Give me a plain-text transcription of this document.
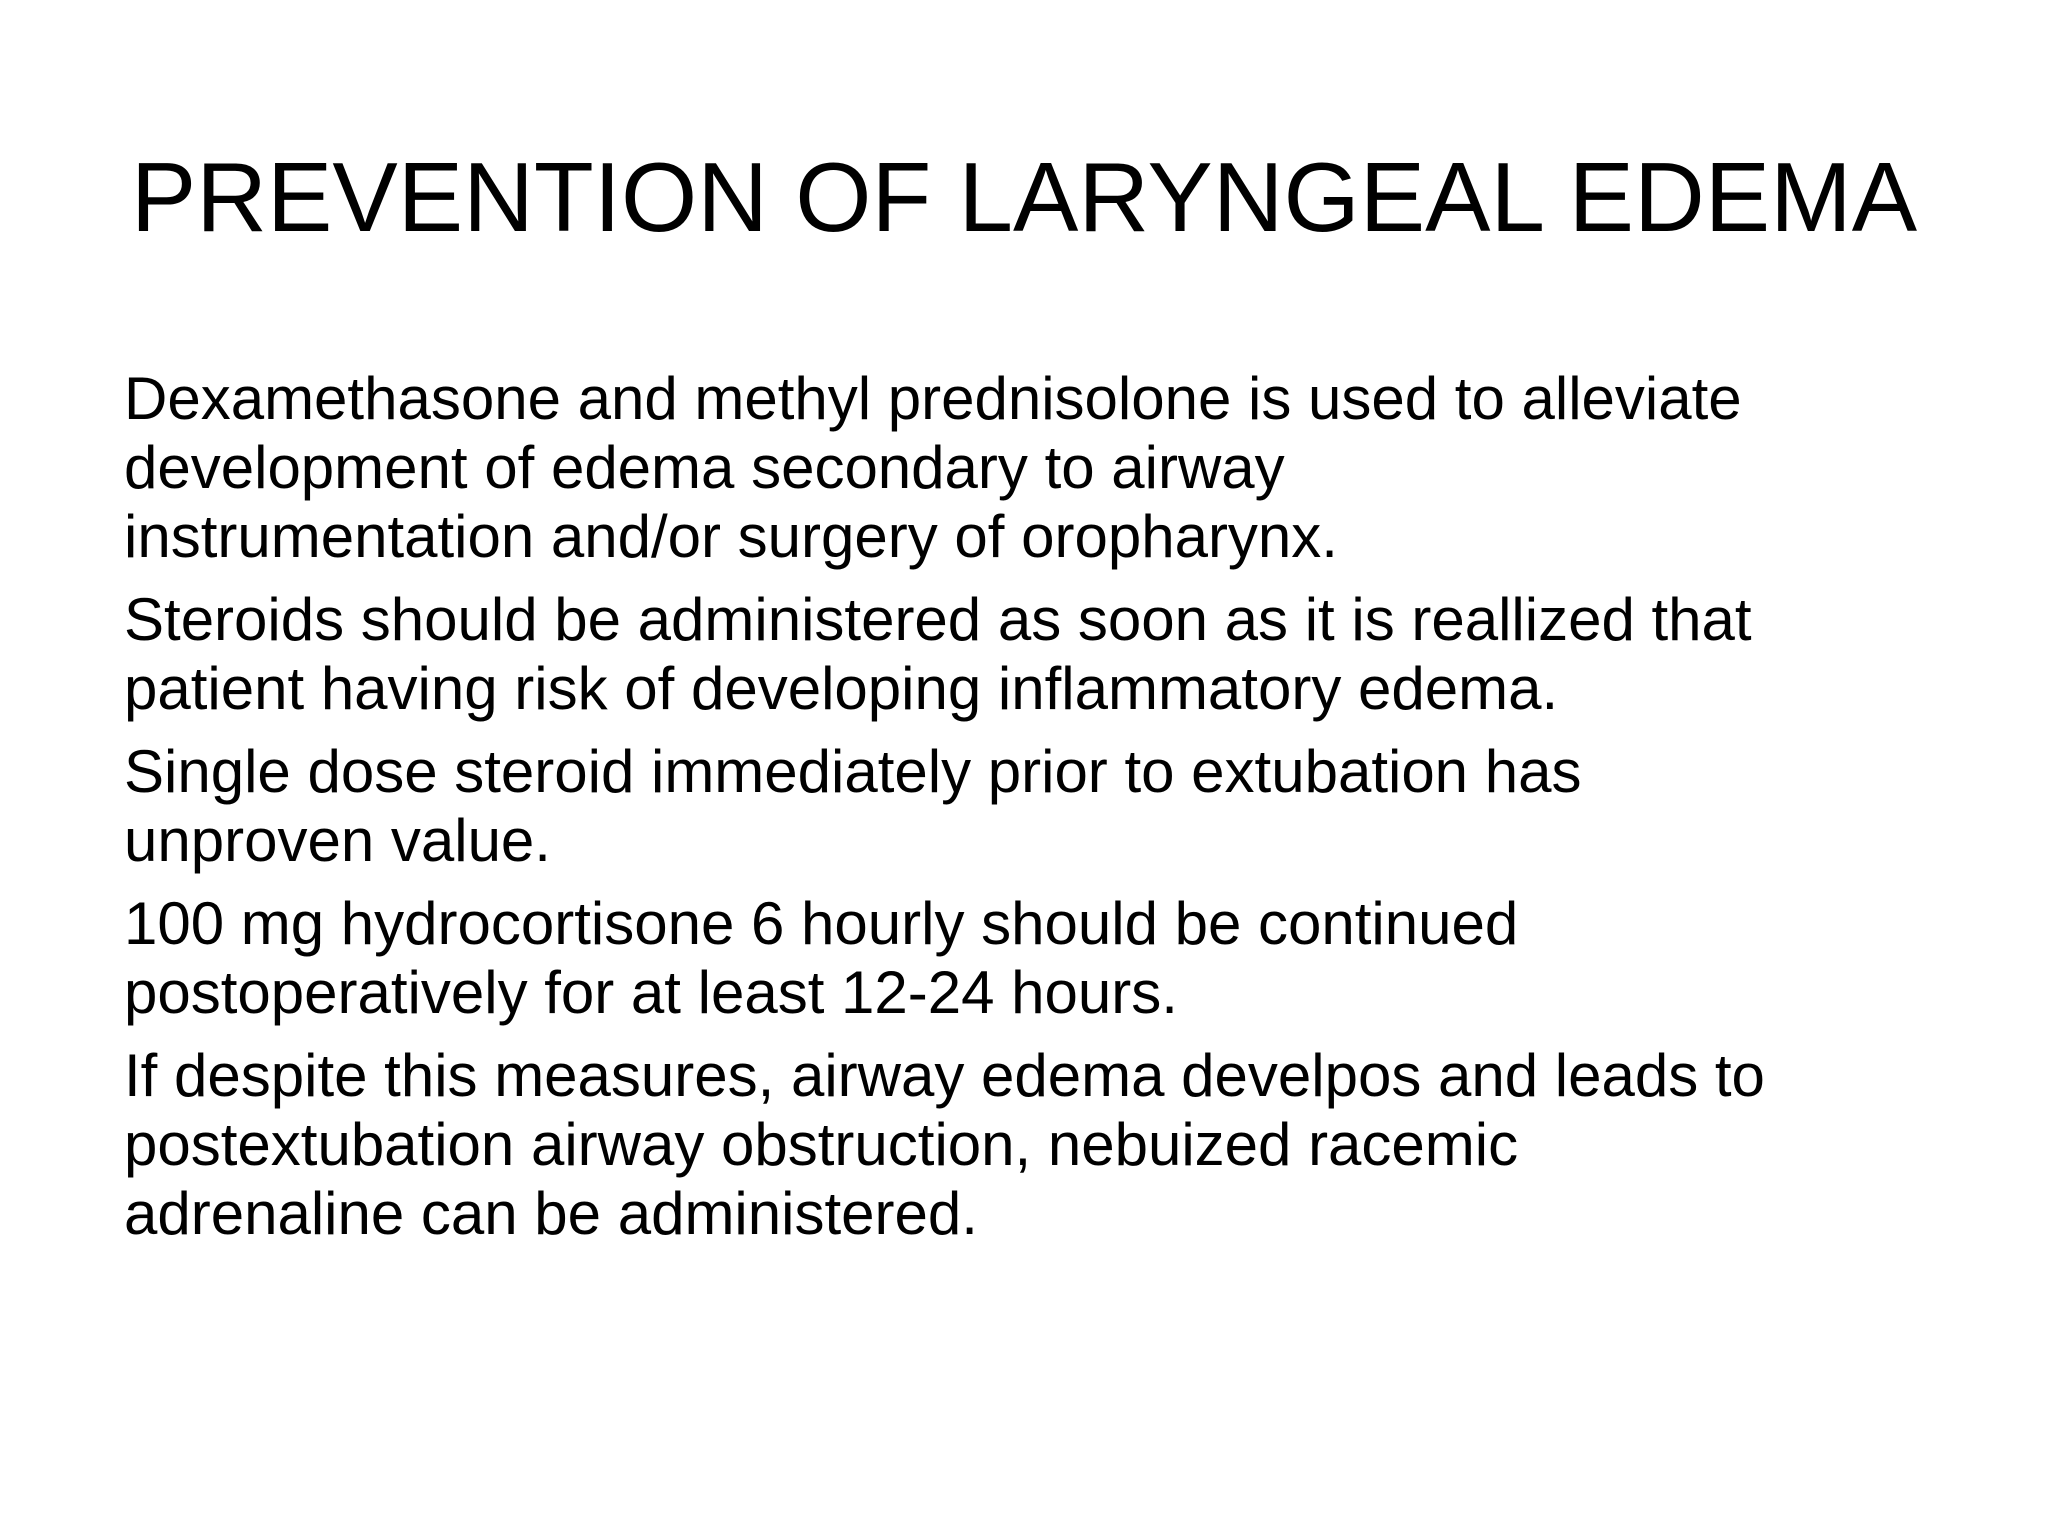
PREVENTION OF LARYNGEAL EDEMA
Dexamethasone and methyl prednisolone is used to alleviate
development of edema secondary to airway
instrumentation and/or surgery of oropharynx.
Steroids should be administered as soon as it is reallized that
patient having risk of developing inflammatory edema.
Single dose steroid immediately prior to extubation has
unproven value.
100 mg hydrocortisone 6 hourly should be continued
postoperatively for at least 12-24 hours.
If despite this measures, airway edema develpos and leads to
postextubation airway obstruction, nebuized racemic
adrenaline can be administered.
